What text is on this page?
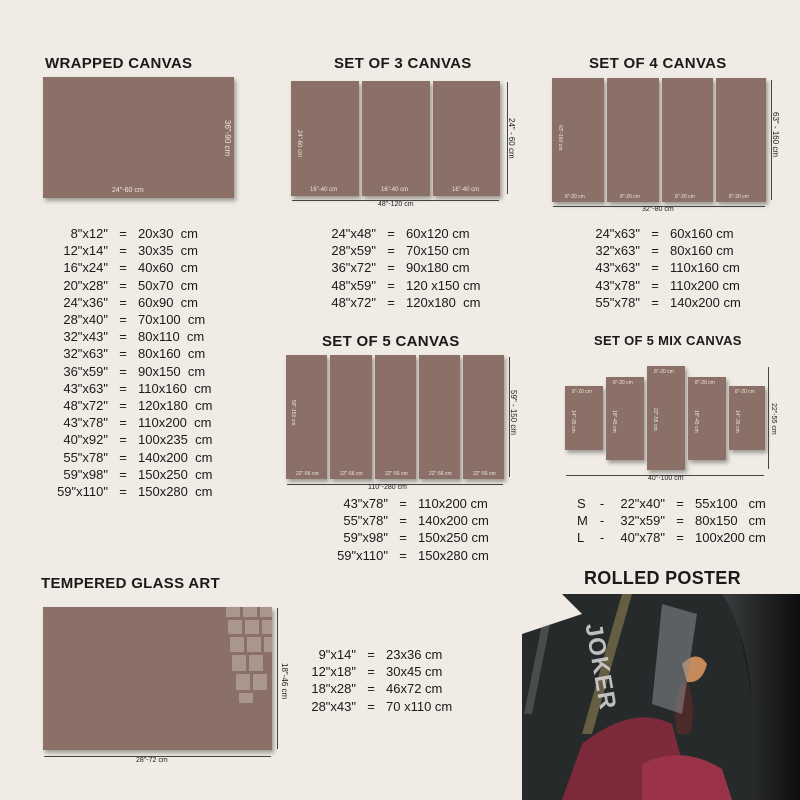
WRAPPED CANVAS
24"-60 cm
36"-90 cm
8"x12" = 20x30  cm
12"x14" = 30x35  cm
16"x24" = 40x60  cm
20"x28" = 50x70  cm
24"x36" = 60x90  cm
28"x40" = 70x100  cm
32"x43" = 80x110  cm
32"x63" = 80x160  cm
36"x59" = 90x150  cm
43"x63" = 110x160  cm
48"x72" = 120x180  cm
43"x78" = 110x200  cm
40"x92" = 100x235  cm
55"x78" = 140x200  cm
59"x98" = 150x250  cm
59"x110" = 150x280  cm
SET OF 3 CANVAS
16"-40 cm	16"-40 cm	16"-40 cm
24"-60 cm	24" - 60 cm
48"-120 cm
24"x48" = 60x120 cm
28"x59" = 70x150 cm
36"x72" = 90x180 cm
48"x59" = 120 x150 cm
48"x72" = 120x180  cm
SET OF 4 CANVAS
8"-20 cm	8"-20 cm	8"-20 cm	8"-20 cm
63"-160 cm	63" - 160 cm
32"-80 cm
24"x63" = 60x160 cm
32"x63" = 80x160 cm
43"x63" = 110x160 cm
43"x78" = 110x200 cm
55"x78" = 140x200 cm
SET OF 5 CANVAS
22"-56 cm	22"-56 cm	22"-56 cm	22"-56 cm	22"-56 cm
59"-150 cm	59" - 150 cm
110"-280 cm
43"x78" = 110x200 cm
55"x78" = 140x200 cm
59"x98" = 150x250 cm
59"x110" = 150x280 cm
SET OF 5 MIX CANVAS
8"-20 cm
8"-20 cm
8"-20 cm
8"-20 cm
8"-20 cm
14"-35 cm	18"-45 cm	22"-55 cm	18"-45 cm	14"-35 cm	22"-55 cm
40"-100 cm
S - 22"x40" = 55x100   cm
M - 32"x59" = 80x150   cm
L - 40"x78" = 100x200 cm
TEMPERED GLASS ART
28"-72 cm
18"-46 cm
9"x14" = 23x36 cm
12"x18" = 30x45 cm
18"x28" = 46x72 cm
28"x43" = 70 x110 cm
ROLLED POSTER
JOKER
